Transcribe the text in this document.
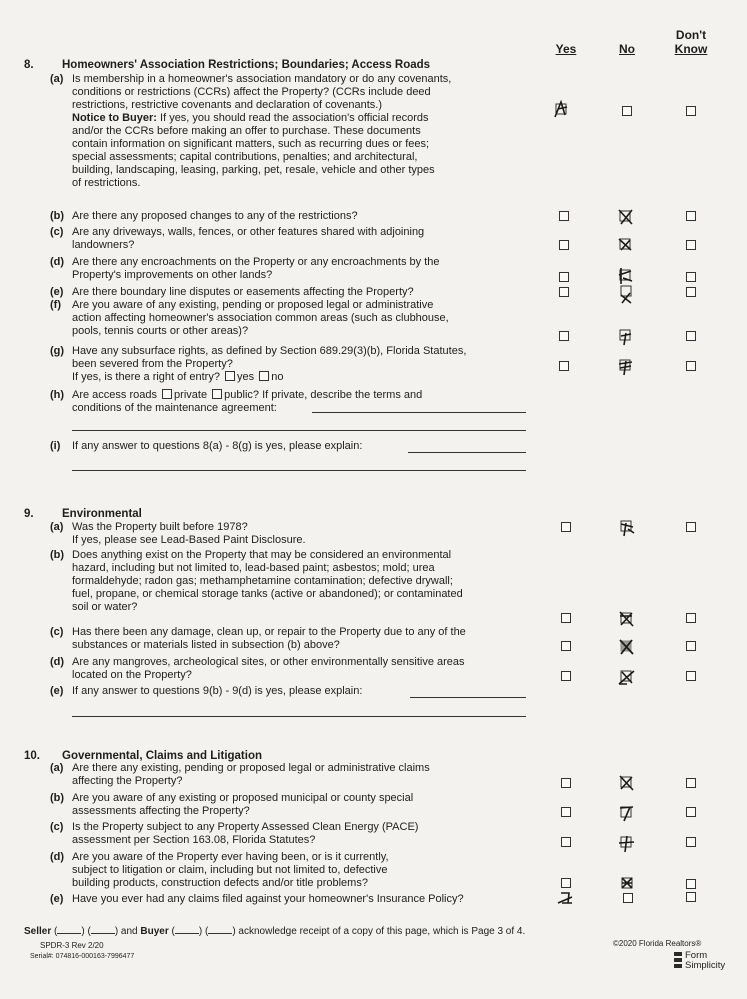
Yes	No
Don't
Know
8. Homeowners' Association Restrictions; Boundaries; Access Roads
(a) Is membership in a homeowner's association mandatory or do any covenants,
conditions or restrictions (CCRs) affect the Property? (CCRs include deed
restrictions, restrictive covenants and declaration of covenants.)
Notice to Buyer: If yes, you should read the association's official records
and/or the CCRs before making an offer to purchase. These documents
contain information on significant matters, such as recurring dues or fees;
special assessments; capital contributions, penalties; and architectural,
building, landscaping, leasing, parking, pet, resale, vehicle and other types
of restrictions.
(b) Are there any proposed changes to any of the restrictions?
(c) Are any driveways, walls, fences, or other features shared with adjoining
landowners?
(d) Are there any encroachments on the Property or any encroachments by the
Property's improvements on other lands?
(e) Are there boundary line disputes or easements affecting the Property?
(f) Are you aware of any existing, pending or proposed legal or administrative
action affecting homeowner's association common areas (such as clubhouse,
pools, tennis courts or other areas)?
(g) Have any subsurface rights, as defined by Section 689.29(3)(b), Florida Statutes,
been severed from the Property?
If yes, is there a right of entry? yes no
(h) Are access roads private public? If private, describe the terms and
conditions of the maintenance agreement:
(i) If any answer to questions 8(a) - 8(g) is yes, please explain:
9. Environmental
(a) Was the Property built before 1978?
If yes, please see Lead-Based Paint Disclosure.
(b) Does anything exist on the Property that may be considered an environmental
hazard, including but not limited to, lead-based paint; asbestos; mold; urea
formaldehyde; radon gas; methamphetamine contamination; defective drywall;
fuel, propane, or chemical storage tanks (active or abandoned); or contaminated
soil or water?
(c) Has there been any damage, clean up, or repair to the Property due to any of the
substances or materials listed in subsection (b) above?
(d) Are any mangroves, archeological sites, or other environmentally sensitive areas
located on the Property?
(e) If any answer to questions 9(b) - 9(d) is yes, please explain:
10. Governmental, Claims and Litigation
(a) Are there any existing, pending or proposed legal or administrative claims
affecting the Property?
(b) Are you aware of any existing or proposed municipal or county special
assessments affecting the Property?
(c) Is the Property subject to any Property Assessed Clean Energy (PACE)
assessment per Section 163.08, Florida Statutes?
(d) Are you aware of the Property ever having been, or is it currently,
subject to litigation or claim, including but not limited to, defective
building products, construction defects and/or title problems?
(e) Have you ever had any claims filed against your homeowner's Insurance Policy?
Seller ( ) ( ) and Buyer ( ) ( ) acknowledge receipt of a copy of this page, which is Page 3 of 4.
SPDR-3 Rev 2/20
Serial#: 074816-000163-7996477
©2020 Florida Realtors®
Form
Simplicity
